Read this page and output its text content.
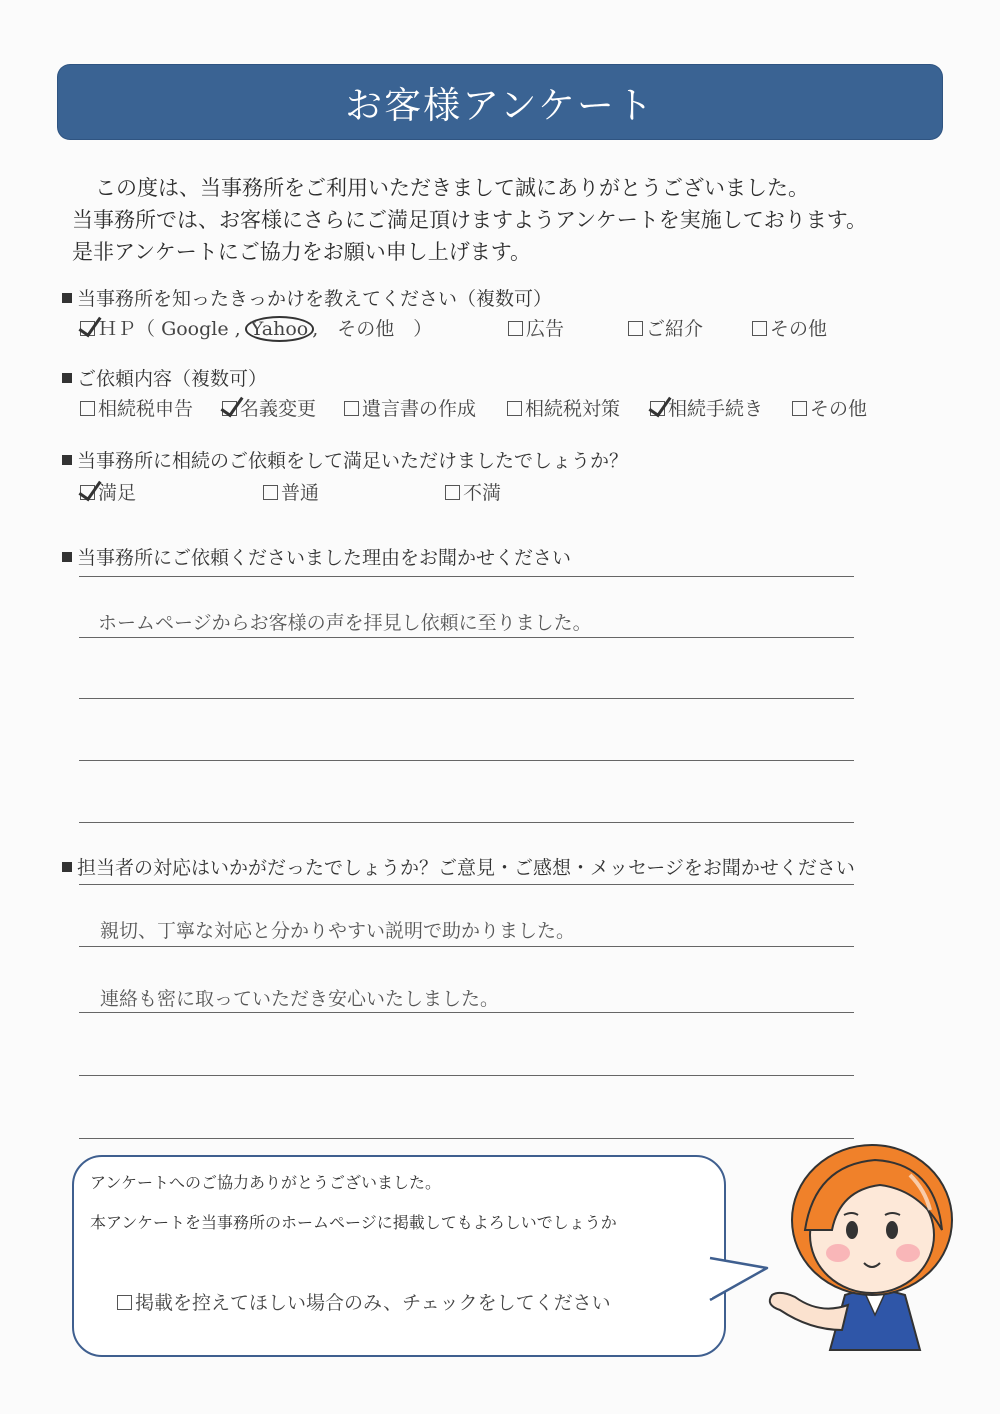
お客様アンケート
この度は、当事務所をご利用いただきまして誠にありがとうございました。
当事務所では、お客様にさらにご満足頂けますようアンケートを実施しております。
是非アンケートにご協力をお願い申し上げます。
当事務所を知ったきっかけを教えてください（複数可）
ＨＰ（ Google , Yahoo ,　その他　）	広告	ご紹介	その他
ご依頼内容（複数可）
相続税申告	名義変更	遺言書の作成	相続税対策	相続手続き	その他
当事務所に相続のご依頼をして満足いただけましたでしょうか？
満足	普通	不満
当事務所にご依頼くださいました理由をお聞かせください
ホームページからお客様の声を拝見し依頼に至りました。
担当者の対応はいかがだったでしょうか？ご意見・ご感想・メッセージをお聞かせください
親切、丁寧な対応と分かりやすい説明で助かりました。
連絡も密に取っていただき安心いたしました。
アンケートへのご協力ありがとうございました。
本アンケートを当事務所のホームページに掲載してもよろしいでしょうか
掲載を控えてほしい場合のみ、チェックをしてください
